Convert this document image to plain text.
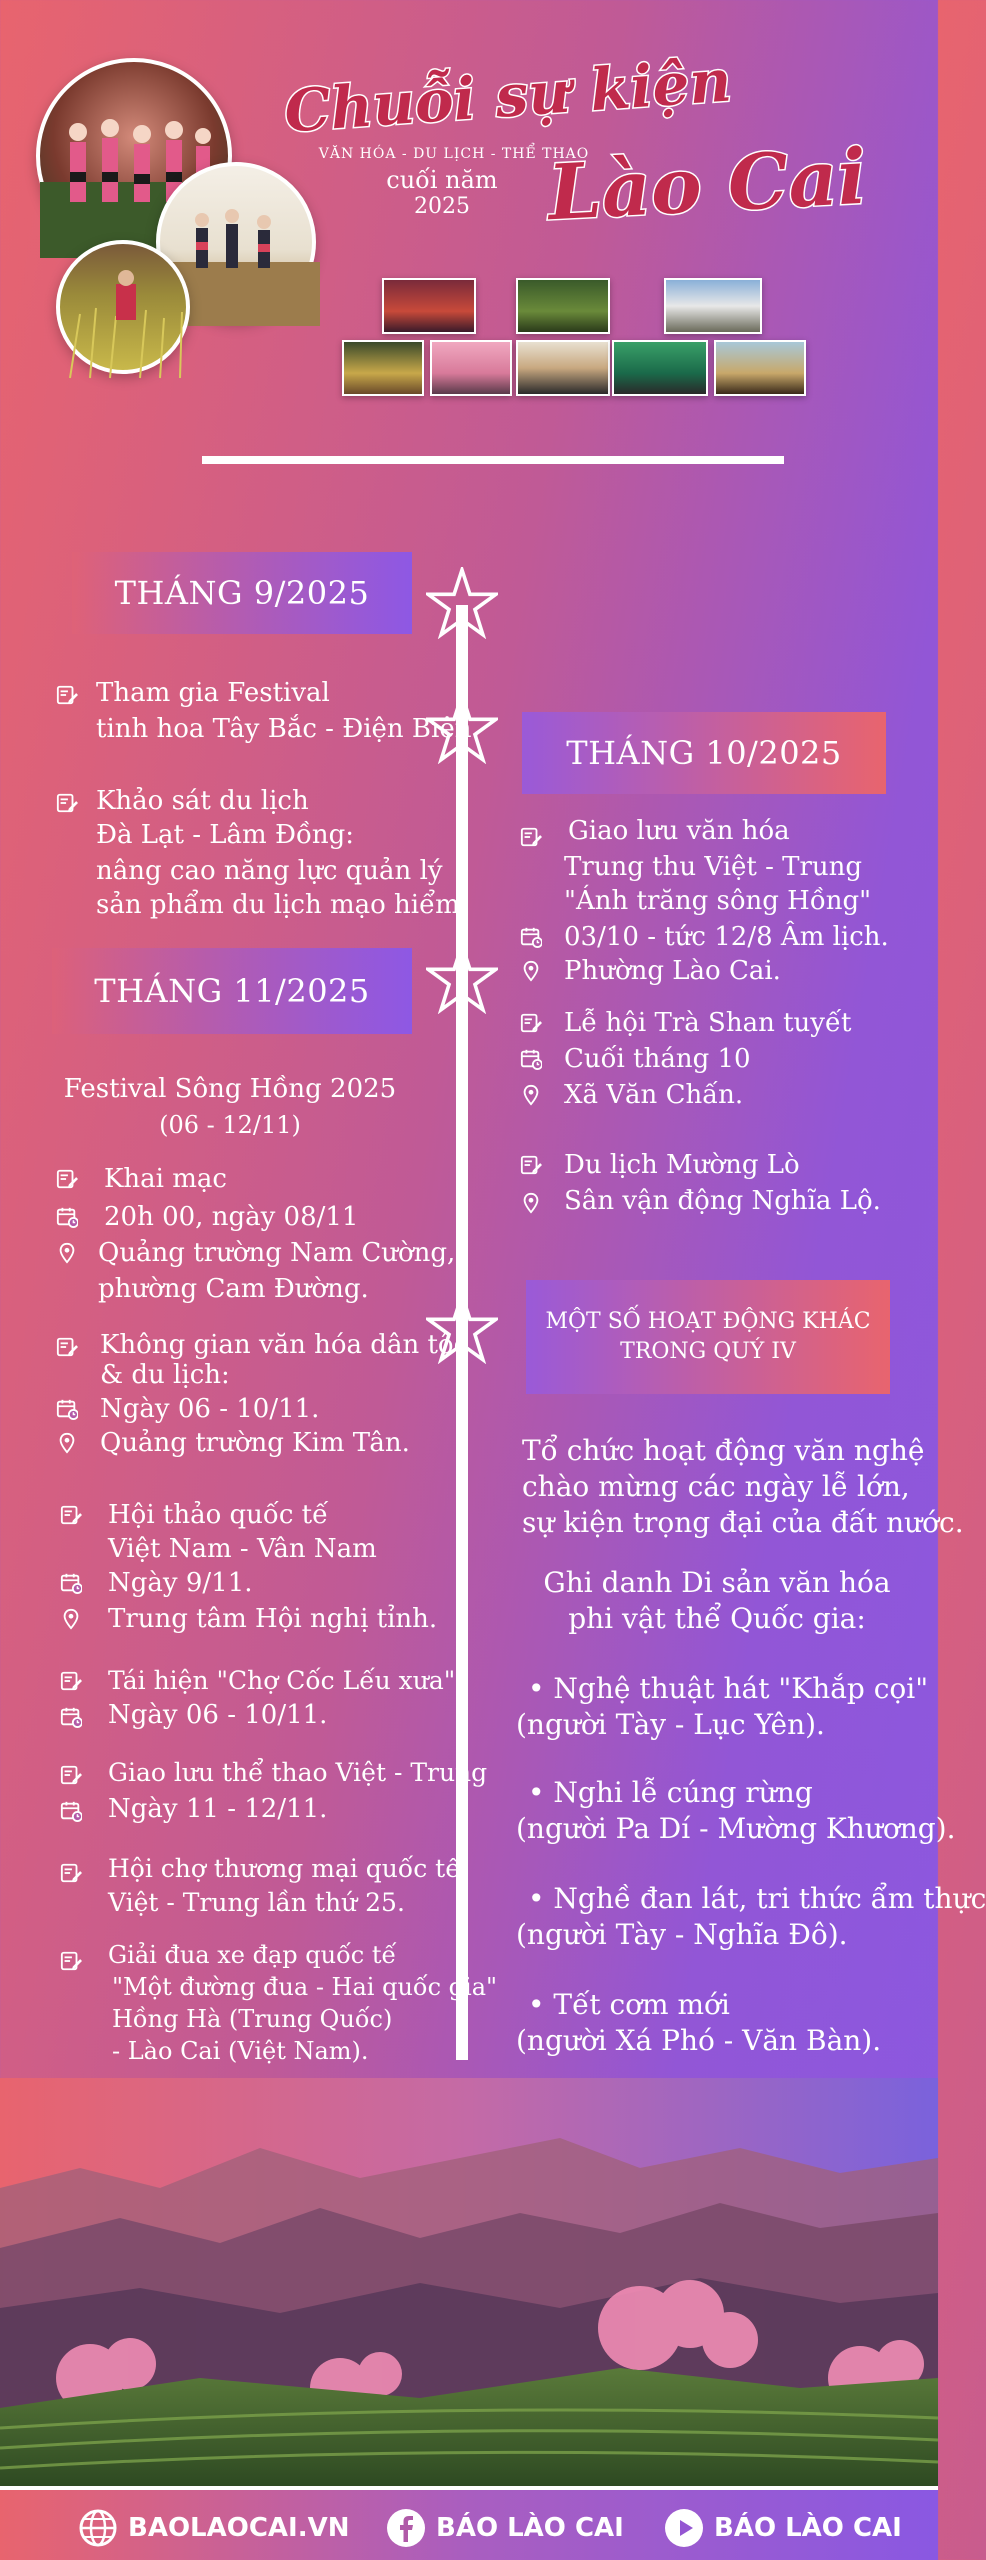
Chuỗi sự kiện
VĂN HÓA - DU LỊCH - THỂ THAO
cuối năm
2025 Lào Cai
THÁNG 9/2025
Tham gia Festival
tinh hoa Tây Bắc - Điện Biên.
Khảo sát du lịch
Đà Lạt - Lâm Đồng:
nâng cao năng lực quản lý
sản phẩm du lịch mạo hiểm.
THÁNG 10/2025
Giao lưu văn hóa
Trung thu Việt - Trung
"Ánh trăng sông Hồng"
03/10 - tức 12/8 Âm lịch.
Phường Lào Cai.
Lễ hội Trà Shan tuyết
Cuối tháng 10
Xã Văn Chấn.
Du lịch Mường Lò
Sân vận động Nghĩa Lộ.
MỘT SỐ HOẠT ĐỘNG KHÁC
TRONG QUÝ IV
Tổ chức hoạt động văn nghệ
chào mừng các ngày lễ lớn,
sự kiện trọng đại của đất nước.
Ghi danh Di sản văn hóa
phi vật thể Quốc gia:
• Nghệ thuật hát "Khắp cọi"
(người Tày - Lục Yên).
• Nghi lễ cúng rừng
(người Pa Dí - Mường Khương).
• Nghề đan lát, tri thức ẩm thực
(người Tày - Nghĩa Đô).
• Tết cơm mới
(người Xá Phó - Văn Bàn).
THÁNG 11/2025
Festival Sông Hồng 2025
(06 - 12/11)
Khai mạc
20h 00, ngày 08/11
Quảng trường Nam Cường,
phường Cam Đường.
Không gian văn hóa dân tộc
& du lịch:
Ngày 06 - 10/11.
Quảng trường Kim Tân.
Hội thảo quốc tế
Việt Nam - Vân Nam
Ngày 9/11.
Trung tâm Hội nghị tỉnh.
Tái hiện "Chợ Cốc Lếu xưa"
Ngày 06 - 10/11.
Giao lưu thể thao Việt - Trung
Ngày 11 - 12/11.
Hội chợ thương mại quốc tế
Việt - Trung lần thứ 25.
Giải đua xe đạp quốc tế
"Một đường đua - Hai quốc gia"
Hồng Hà (Trung Quốc)
- Lào Cai (Việt Nam).
BAOLAOCAI.VN	BÁO LÀO CAI	BÁO LÀO CAI
